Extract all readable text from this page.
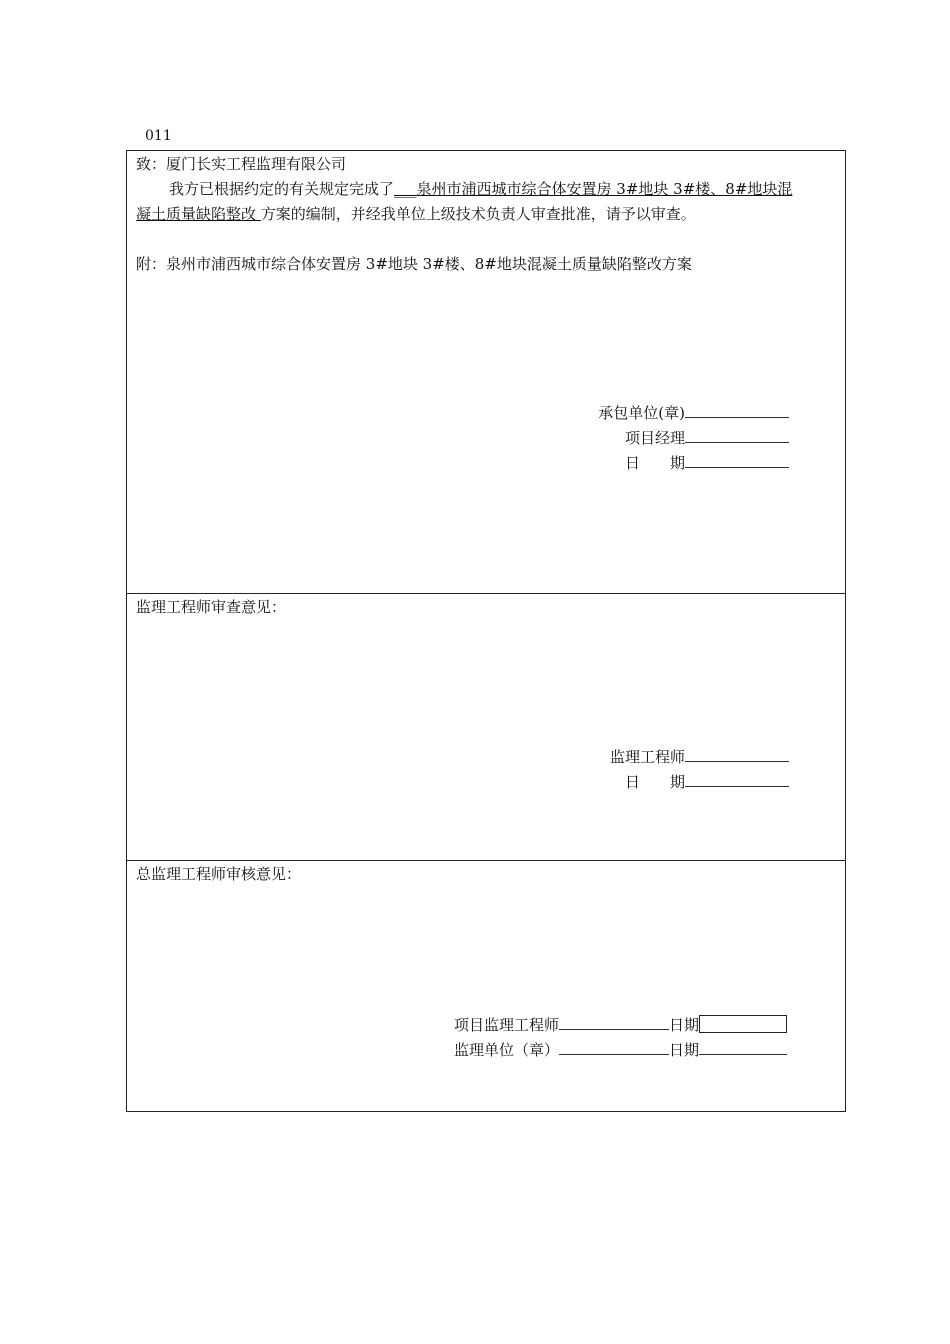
011
致：厦门长实工程监理有限公司
我方已根据约定的有关规定完成了___泉州市浦西城市综合体安置房 3#地块 3#楼、8#地块混
凝土质量缺陷整改 方案的编制，并经我单位上级技术负责人审查批准，请予以审查。
附：泉州市浦西城市综合体安置房 3#地块 3#楼、8#地块混凝土质量缺陷整改方案
承包单位(章)
项目经理
日　　期
监理工程师审查意见：
监理工程师
日　　期
总监理工程师审核意见：
项目监理工程师	日期
监理单位（章）	日期
